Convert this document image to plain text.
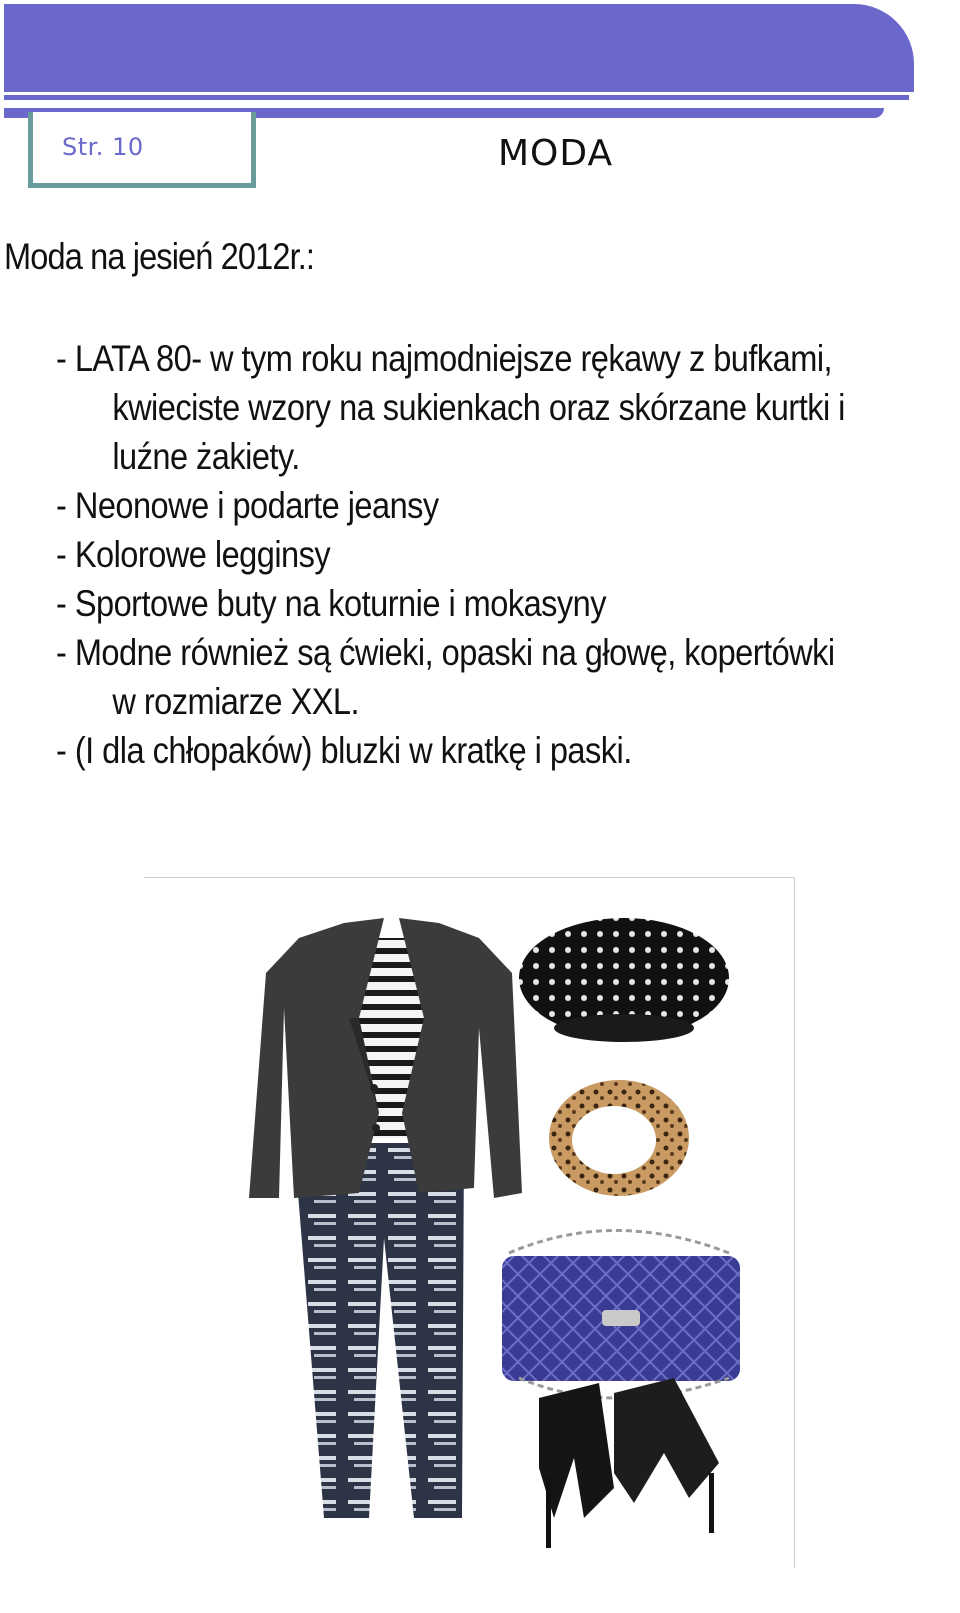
Str. 10	MODA
Moda na jesień 2012r.:
- LATA 80- w tym roku najmodniejsze rękawy z bufkami,
kwieciste wzory na sukienkach oraz skórzane kurtki i
luźne żakiety.
- Neonowe i podarte jeansy
- Kolorowe legginsy
- Sportowe buty na koturnie i mokasyny
- Modne również są ćwieki, opaski na głowę, kopertówki
w rozmiarze XXL.
- (I dla chłopaków) bluzki w kratkę i paski.
